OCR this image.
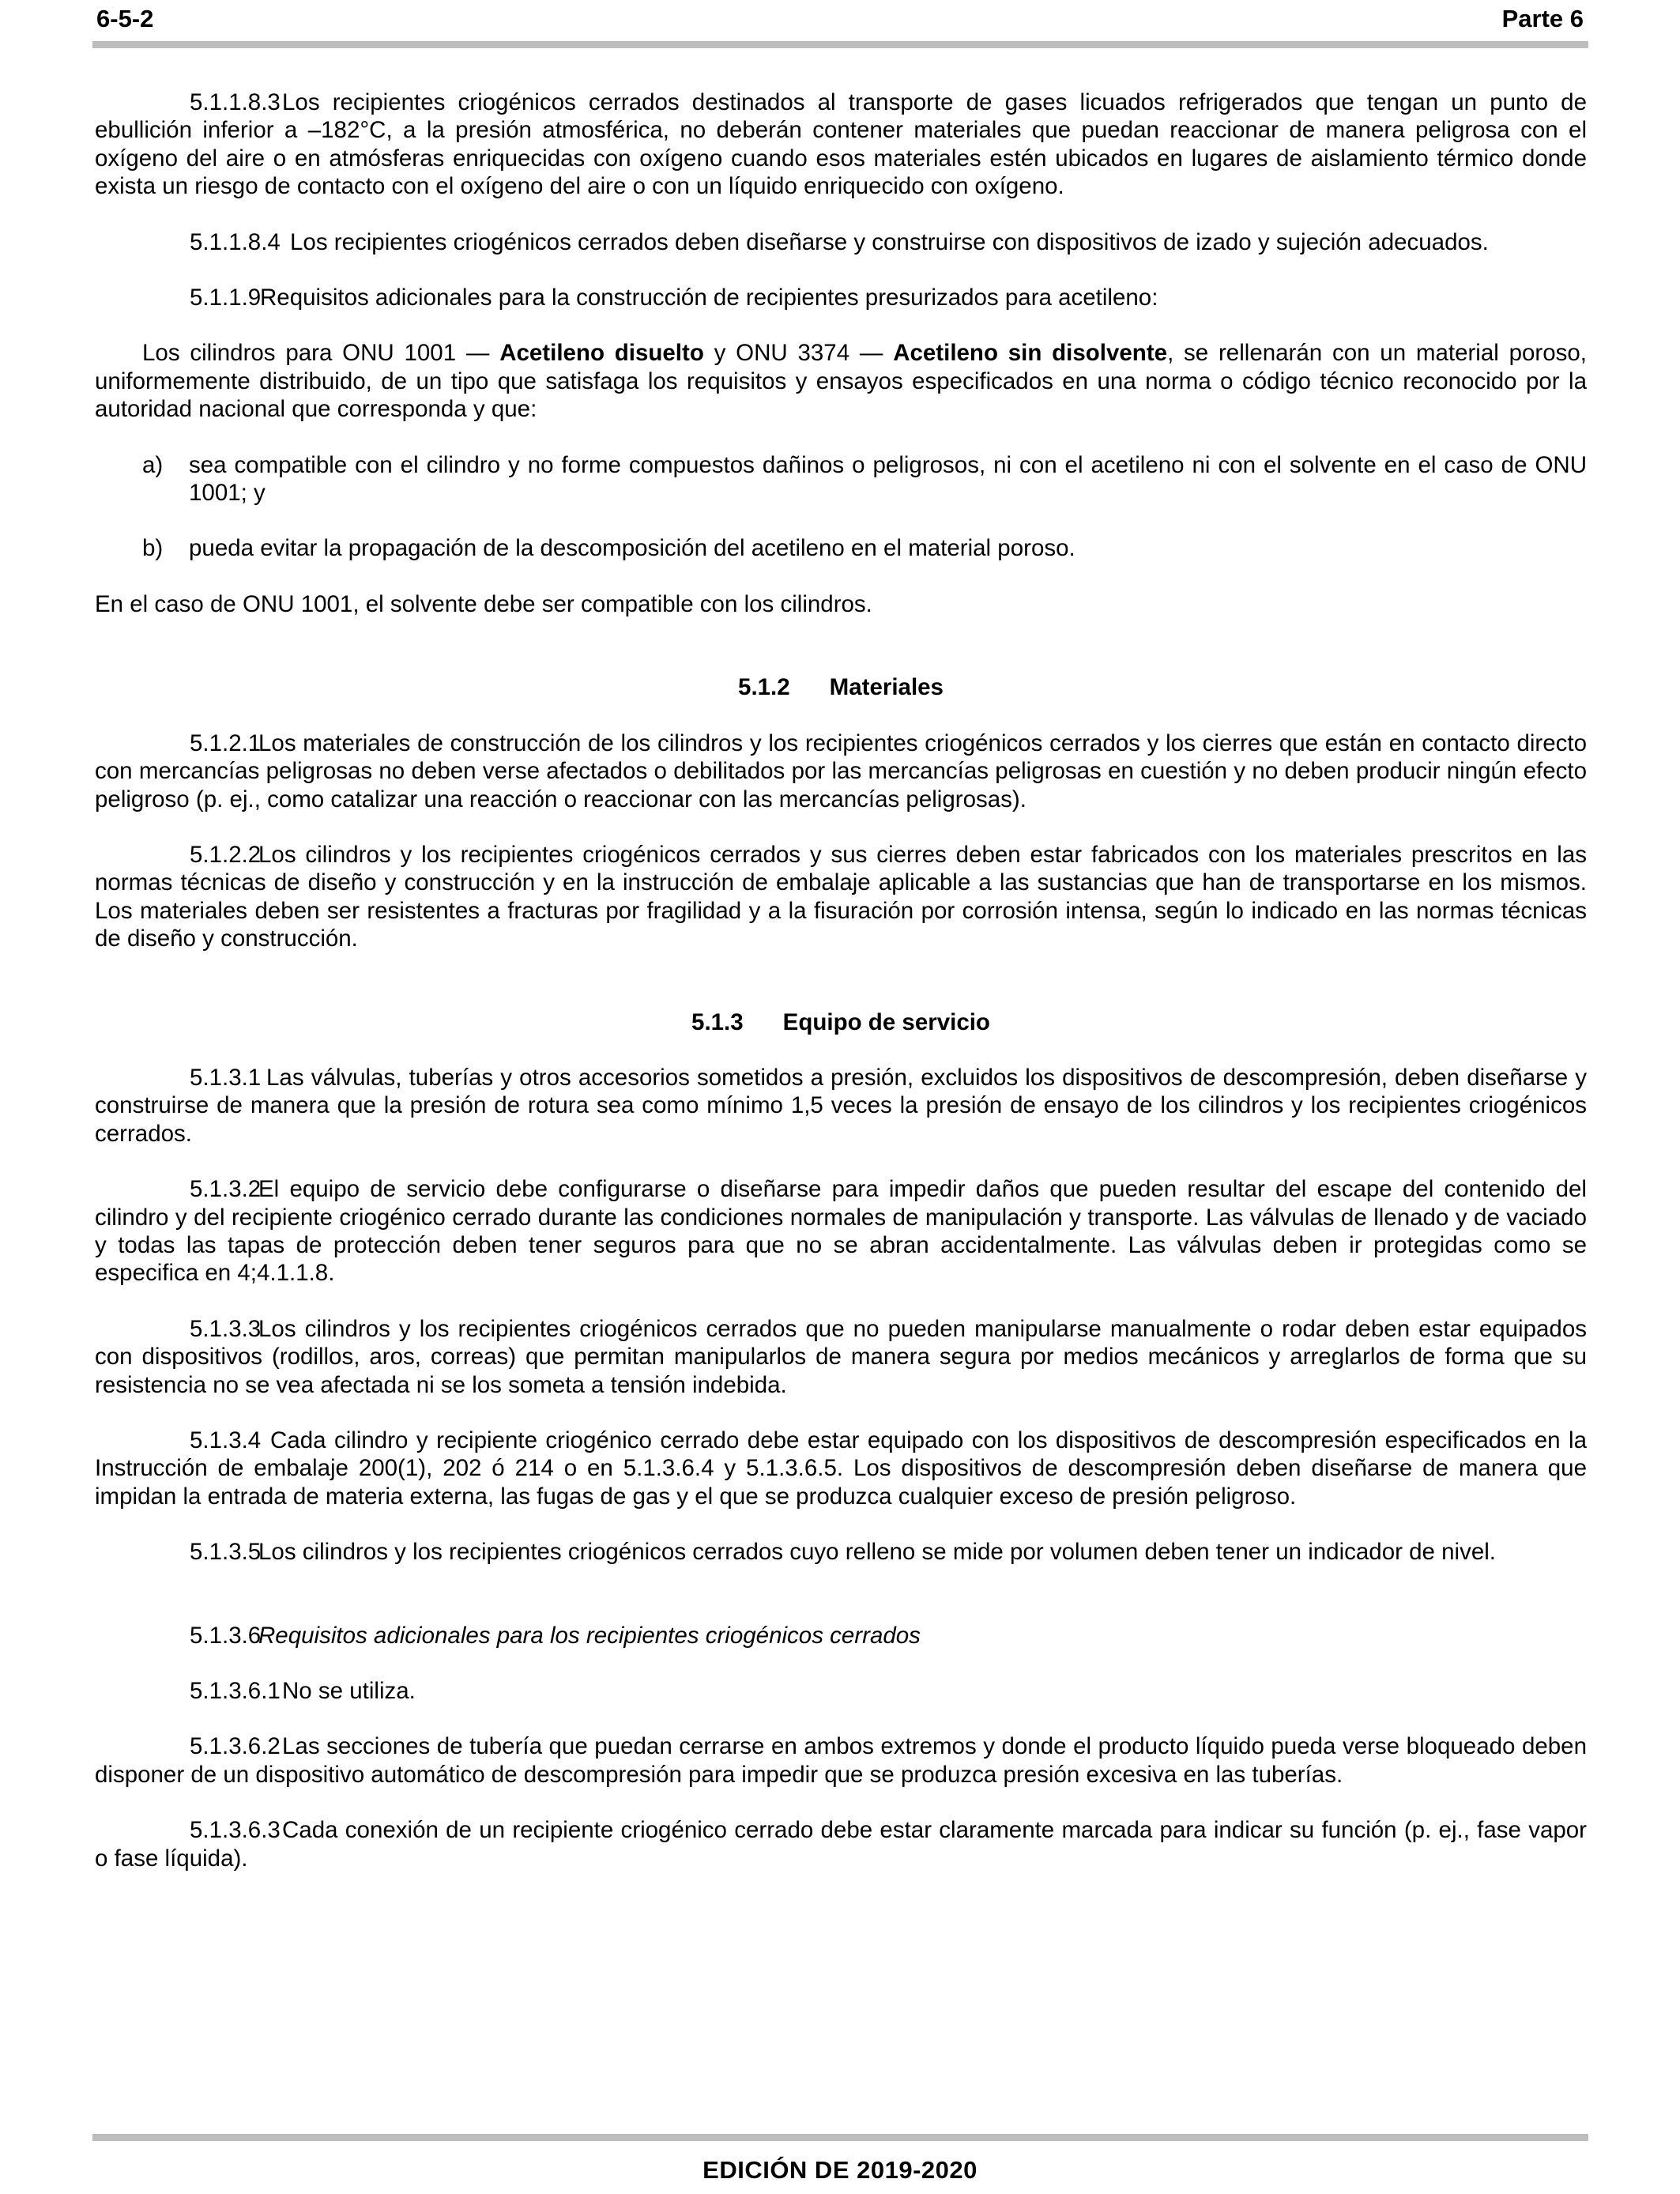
6-5-2	Parte 6

5.1.1.8.3Los recipientes criogénicos cerrados destinados al transporte de gases licuados refrigerados que tengan un punto de ebullición inferior a –182°C, a la presión atmosférica, no deberán contener materiales que puedan reaccionar de manera peligrosa con el oxígeno del aire o en atmósferas enriquecidas con oxígeno cuando esos materiales estén ubicados en lugares de aislamiento térmico donde exista un riesgo de contacto con el oxígeno del aire o con un líquido enriquecido con oxígeno.

5.1.1.8.4 Los recipientes criogénicos cerrados deben diseñarse y construirse con dispositivos de izado y sujeción adecuados.

5.1.1.9Requisitos adicionales para la construcción de recipientes presurizados para acetileno:

Los cilindros para ONU 1001 — Acetileno disuelto y ONU 3374 — Acetileno sin disolvente, se rellenarán con un material poroso, uniformemente distribuido, de un tipo que satisfaga los requisitos y ensayos especificados en una norma o código técnico reconocido por la autoridad nacional que corresponda y que:

a) sea compatible con el cilindro y no forme compuestos dañinos o peligrosos, ni con el acetileno ni con el solvente en el caso de ONU 1001; y

b) pueda evitar la propagación de la descomposición del acetileno en el material poroso.

En el caso de ONU 1001, el solvente debe ser compatible con los cilindros.

5.1.2 Materiales

5.1.2.1Los materiales de construcción de los cilindros y los recipientes criogénicos cerrados y los cierres que están en contacto directo con mercancías peligrosas no deben verse afectados o debilitados por las mercancías peligrosas en cuestión y no deben producir ningún efecto peligroso (p. ej., como catalizar una reacción o reaccionar con las mercancías peligrosas).

5.1.2.2Los cilindros y los recipientes criogénicos cerrados y sus cierres deben estar fabricados con los materiales prescritos en las normas técnicas de diseño y construcción y en la instrucción de embalaje aplicable a las sustancias que han de transportarse en los mismos. Los materiales deben ser resistentes a fracturas por fragilidad y a la fisuración por corrosión intensa, según lo indicado en las normas técnicas de diseño y construcción.

5.1.3 Equipo de servicio

5.1.3.1 Las válvulas, tuberías y otros accesorios sometidos a presión, excluidos los dispositivos de descompresión, deben diseñarse y construirse de manera que la presión de rotura sea como mínimo 1,5 veces la presión de ensayo de los cilindros y los recipientes criogénicos cerrados.

5.1.3.2El equipo de servicio debe configurarse o diseñarse para impedir daños que pueden resultar del escape del contenido del cilindro y del recipiente criogénico cerrado durante las condiciones normales de manipulación y transporte. Las válvulas de llenado y de vaciado y todas las tapas de protección deben tener seguros para que no se abran accidentalmente. Las válvulas deben ir protegidas como se especifica en 4;4.1.1.8.

5.1.3.3Los cilindros y los recipientes criogénicos cerrados que no pueden manipularse manualmente o rodar deben estar equipados con dispositivos (rodillos, aros, correas) que permitan manipularlos de manera segura por medios mecánicos y arreglarlos de forma que su resistencia no se vea afectada ni se los someta a tensión indebida.

5.1.3.4 Cada cilindro y recipiente criogénico cerrado debe estar equipado con los dispositivos de descompresión especificados en la Instrucción de embalaje 200(1), 202 ó 214 o en 5.1.3.6.4 y 5.1.3.6.5. Los dispositivos de descompresión deben diseñarse de manera que impidan la entrada de materia externa, las fugas de gas y el que se produzca cualquier exceso de presión peligroso.

5.1.3.5Los cilindros y los recipientes criogénicos cerrados cuyo relleno se mide por volumen deben tener un indicador de nivel.

5.1.3.6Requisitos adicionales para los recipientes criogénicos cerrados

5.1.3.6.1No se utiliza.

5.1.3.6.2Las secciones de tubería que puedan cerrarse en ambos extremos y donde el producto líquido pueda verse bloqueado deben disponer de un dispositivo automático de descompresión para impedir que se produzca presión excesiva en las tuberías.

5.1.3.6.3Cada conexión de un recipiente criogénico cerrado debe estar claramente marcada para indicar su función (p. ej., fase vapor o fase líquida).

EDICIÓN DE 2019-2020
